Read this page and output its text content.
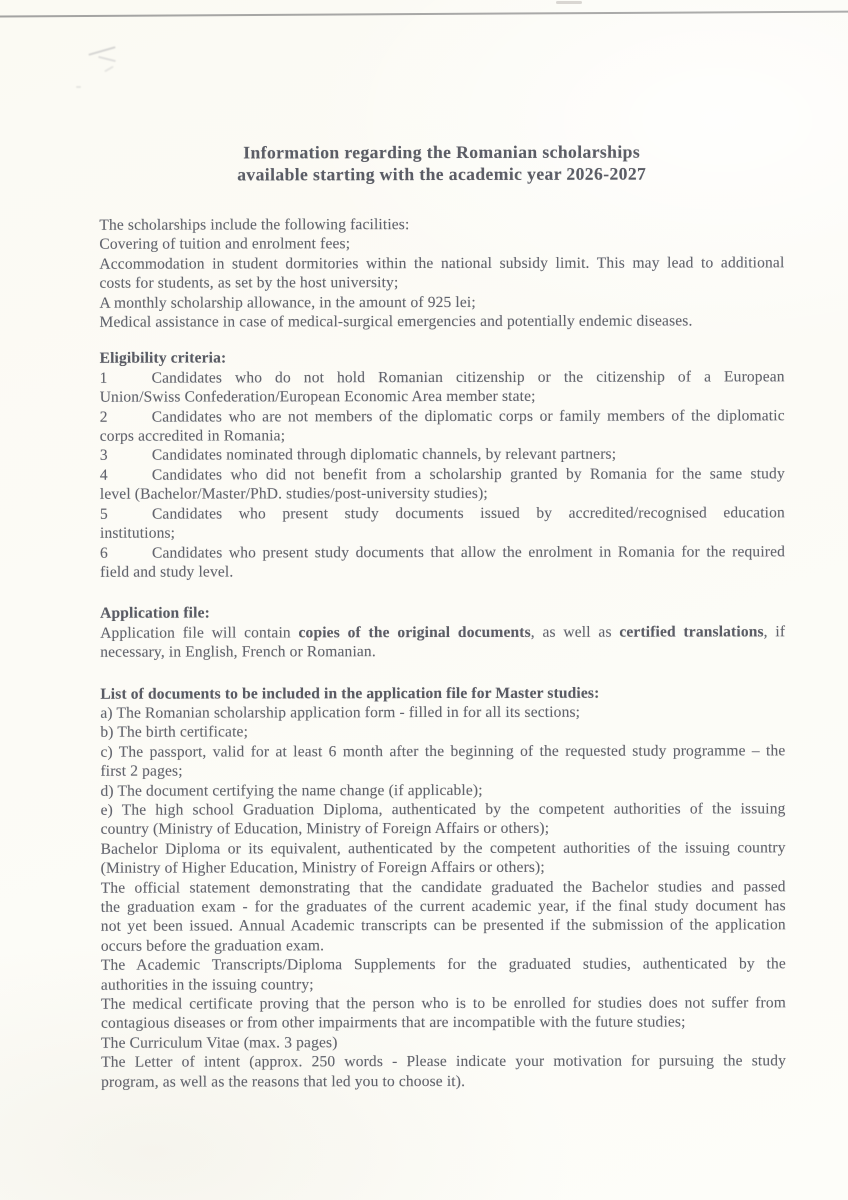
Information regarding the Romanian scholarships
available starting with the academic year 2026-2027
The scholarships include the following facilities:
Covering of tuition and enrolment fees;
Accommodation in student dormitories within the national subsidy limit. This may lead to additional
costs for students, as set by the host university;
A monthly scholarship allowance, in the amount of 925 lei;
Medical assistance in case of medical-surgical emergencies and potentially endemic diseases.
Eligibility criteria:
1	Candidates who do not hold Romanian citizenship or the citizenship of a European
Union/Swiss Confederation/European Economic Area member state;
2	Candidates who are not members of the diplomatic corps or family members of the diplomatic
corps accredited in Romania;
3	Candidates nominated through diplomatic channels, by relevant partners;
4	Candidates who did not benefit from a scholarship granted by Romania for the same study
level (Bachelor/Master/PhD. studies/post-university studies);
5	Candidates who present study documents issued by accredited/recognised education
institutions;
6	Candidates who present study documents that allow the enrolment in Romania for the required
field and study level.
Application file:
Application file will contain copies of the original documents, as well as certified translations, if
necessary, in English, French or Romanian.
List of documents to be included in the application file for Master studies:
a) The Romanian scholarship application form - filled in for all its sections;
b) The birth certificate;
c) The passport, valid for at least 6 month after the beginning of the requested study programme – the
first 2 pages;
d) The document certifying the name change (if applicable);
e) The high school Graduation Diploma, authenticated by the competent authorities of the issuing
country (Ministry of Education, Ministry of Foreign Affairs or others);
Bachelor Diploma or its equivalent, authenticated by the competent authorities of the issuing country
(Ministry of Higher Education, Ministry of Foreign Affairs or others);
The official statement demonstrating that the candidate graduated the Bachelor studies and passed
the graduation exam - for the graduates of the current academic year, if the final study document has
not yet been issued. Annual Academic transcripts can be presented if the submission of the application
occurs before the graduation exam.
The Academic Transcripts/Diploma Supplements for the graduated studies, authenticated by the
authorities in the issuing country;
The medical certificate proving that the person who is to be enrolled for studies does not suffer from
contagious diseases or from other impairments that are incompatible with the future studies;
The Curriculum Vitae (max. 3 pages)
The Letter of intent (approx. 250 words - Please indicate your motivation for pursuing the study
program, as well as the reasons that led you to choose it).
